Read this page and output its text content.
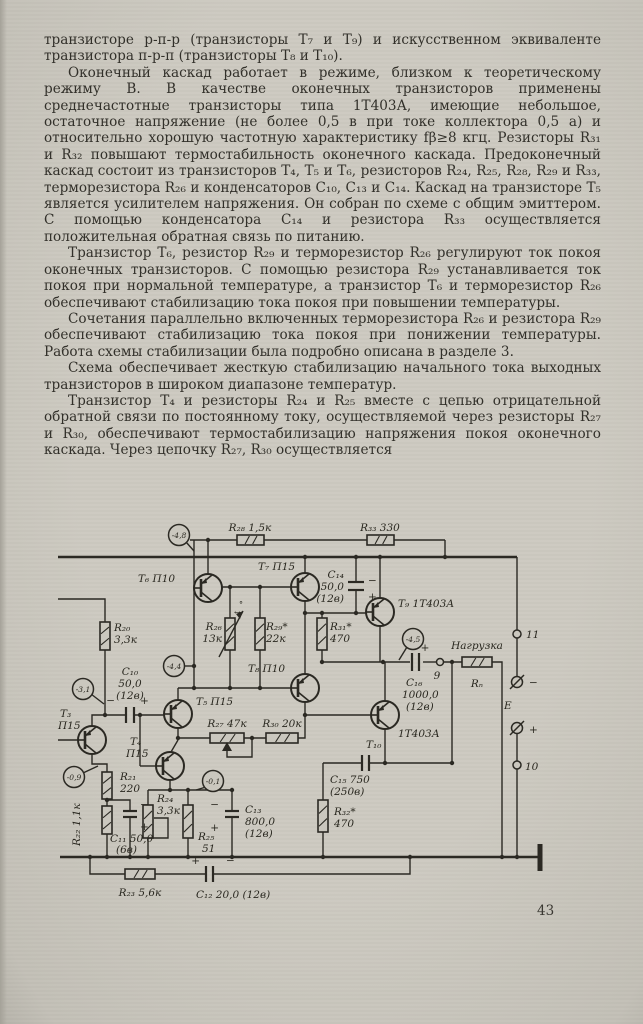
транзисторе р-п-р (транзисторы Т₇ и Т₉) и искусственном эквиваленте транзистора п-р-п (транзисторы Т₈ и Т₁₀).

Оконечный каскад работает в режиме, близком к теоретическому режиму В. В качестве оконечных транзисторов применены среднечастотные транзисторы типа 1Т403А, имеющие небольшое, остаточное напряжение (не более 0,5 в при токе коллектора 0,5 а) и относительно хорошую частотную характеристику fβ≥8 кгц. Резисторы R₃₁ и R₃₂ повышают термостабильность оконечного каскада. Предоконечный каскад состоит из транзисторов Т₄, Т₅ и Т₆, резисторов R₂₄, R₂₅, R₂₈, R₂₉ и R₃₃, терморезистора R₂₆ и конденсаторов С₁₀, С₁₃ и С₁₄. Каскад на транзисторе Т₅ является усилителем напряжения. Он собран по схеме с общим эмиттером. С помощью конденсатора С₁₄ и резистора R₃₃ осуществляется положительная обратная связь по питанию.

Транзистор Т₆, резистор R₂₉ и терморезистор R₂₆ регулируют ток покоя оконечных транзисторов. С помощью резистора R₂₉ устанавливается ток покоя при нормальной температуре, а транзистор Т₆ и терморезистор R₂₆ обеспечивают стабилизацию тока покоя при повышении температуры.

Сочетания параллельно включенных терморезистора R₂₆ и резистора R₂₉ обеспечивают стабилизацию тока покоя при понижении температуры. Работа схемы стабилизации была подробно описана в разделе 3.

Схема обеспечивает жесткую стабилизацию начального тока выходных транзисторов в широком диапазоне температур.

Транзистор Т₄ и резисторы R₂₄ и R₂₅ вместе с цепью отрицательной обратной связи по постоянному току, осуществляемой через резисторы R₂₇ и R₃₀, обеспечивают термостабилизацию напряжения покоя оконечного каскада. Через цепочку R₂₇, R₃₀ осуществляется

-4,8
-4,4
-3,1
-0,9	-0,1
-4,5
R₂₈ 1,5к	R₃₃ 330
Т₆ П10
Т₇ П15
С₁₄
50,0
(12в)
−
+
Т₉ 1Т403А
R₂₆
13к
°
↔
R₂₉*
22к
R₃₁*
470
Т₈ П10
Нагрузка
Rₙ
+
С₁₆
1000,0
(12в)
9
11
−
Е
+
10
Т₁₀
1Т403А
С₁₅ 750
(250в)
R₃₂*
470
R₂₇ 47к R₃₀ 20к
Т₅ П15
Т₄
П15
Т₃
П15
С₁₀
50,0
(12в)
− +
R₂₀
3,3к
R₂₁
220
R₂₂ 1,1к	С₁₁ 50,0
(6в)
−
+
R₂₄
3,3к
R₂₅
51
С₁₃
800,0
(12в)
−
+
R₂₃ 5,6к	С₁₂ 20,0 (12в)
+ −
43
